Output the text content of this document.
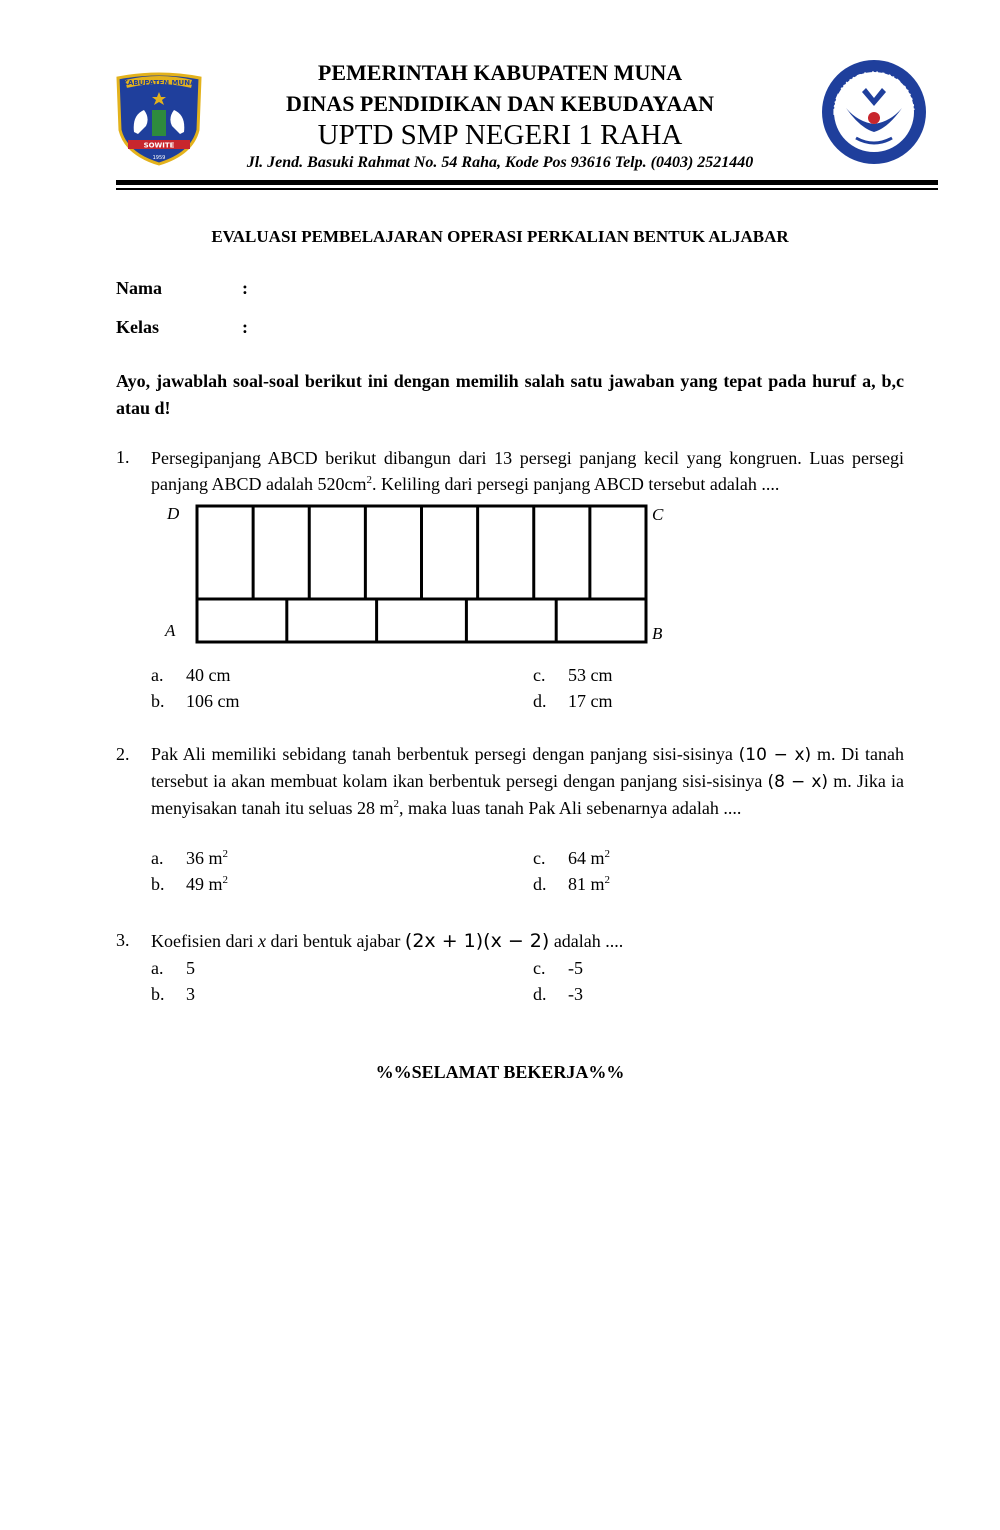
KABUPATEN MUNA
SOWITE
1959
PEMERINTAH KABUPATEN MUNA
DINAS PENDIDIKAN DAN KEBUDAYAAN
UPTD SMP NEGERI 1 RAHA
Jl. Jend. Basuki Rahmat No. 54 Raha, Kode Pos 93616 Telp. (0403) 2521440
TUT WURI HANDAYAN
EVALUASI PEMBELAJARAN OPERASI PERKALIAN BENTUK ALJABAR
Nama	:
Kelas	:
Ayo, jawablah soal-soal berikut ini dengan memilih salah satu jawaban yang tepat pada huruf a, b,c atau d!
1. Persegipanjang ABCD berikut dibangun dari 13 persegi panjang kecil yang kongruen. Luas persegi panjang ABCD adalah $520cm^2$. Keliling dari persegi panjang ABCD tersebut adalah ....
D	C
A	B
a. 40 cm
b. 106 cm
c. 53 cm
d. 17 cm
2. Pak Ali memiliki sebidang tanah berbentuk persegi dengan panjang sisi-sisinya (10 − x) m. Di tanah tersebut ia akan membuat kolam ikan berbentuk persegi dengan panjang sisi-sisinya (8 − x) m. Jika ia menyisakan tanah itu seluas 28 $m^2$, maka luas tanah Pak Ali sebenarnya adalah ....
a. 36 $m^2$
b. 49 $m^2$
c. 64 $m^2$
d. 81 $m^2$
3. Koefisien dari x dari bentuk ajabar (2x + 1)(x − 2) adalah ....
a. 5
b. 3
c. -5
d. -3
%%SELAMAT BEKERJA%%
